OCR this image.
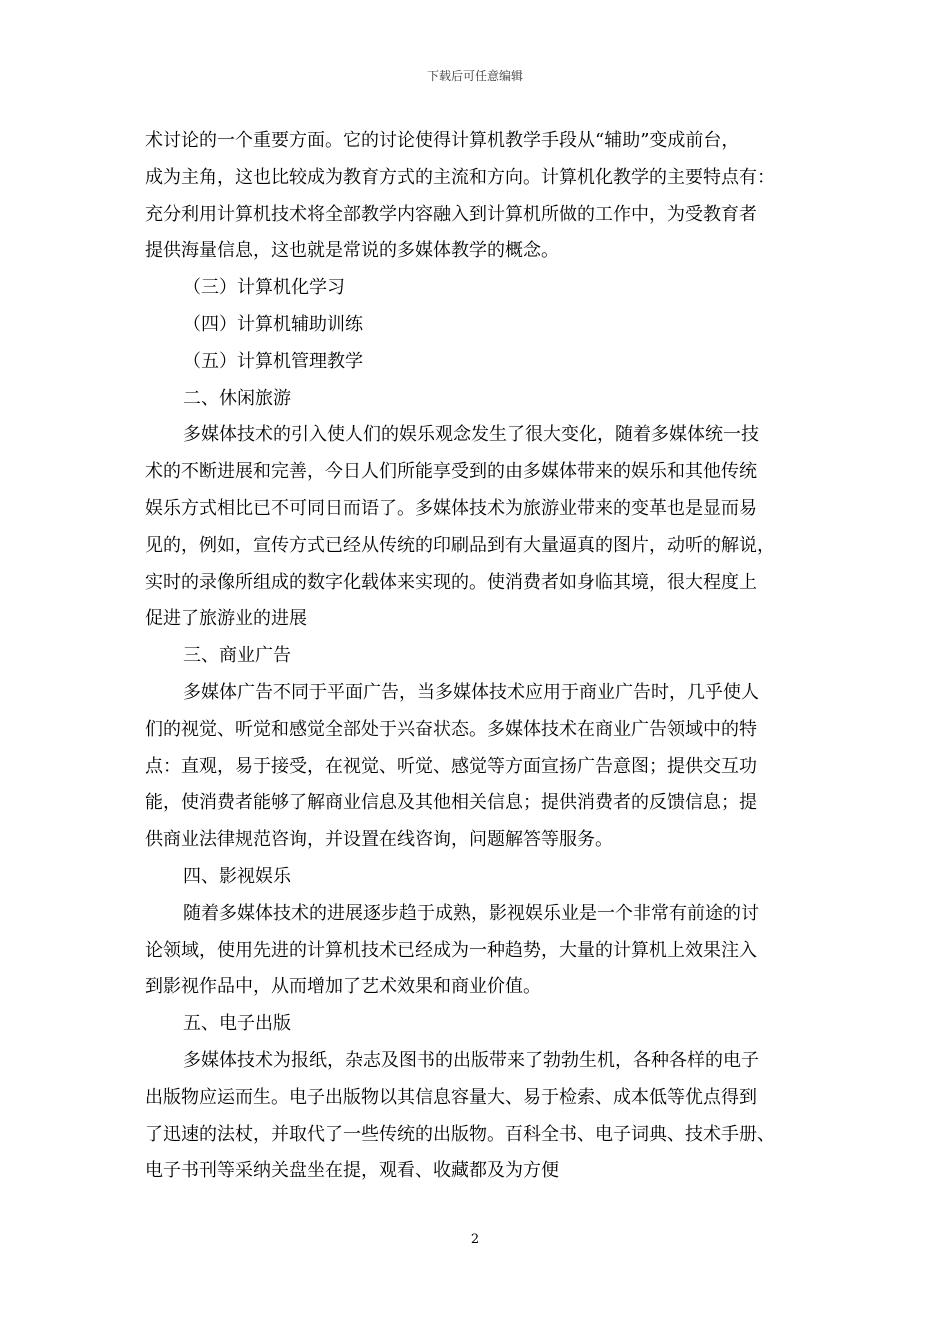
下载后可任意编辑
术讨论的一个重要方面。它的讨论使得计算机教学手段从“辅助”变成前台，
成为主角，这也比较成为教育方式的主流和方向。计算机化教学的主要特点有：
充分利用计算机技术将全部教学内容融入到计算机所做的工作中，为受教育者
提供海量信息，这也就是常说的多媒体教学的概念。
（三）计算机化学习
（四）计算机辅助训练
（五）计算机管理教学
二、休闲旅游
多媒体技术的引入使人们的娱乐观念发生了很大变化，随着多媒体统一技
术的不断进展和完善，今日人们所能享受到的由多媒体带来的娱乐和其他传统
娱乐方式相比已不可同日而语了。多媒体技术为旅游业带来的变革也是显而易
见的，例如，宣传方式已经从传统的印刷品到有大量逼真的图片，动听的解说，
实时的录像所组成的数字化载体来实现的。使消费者如身临其境，很大程度上
促进了旅游业的进展
三、商业广告
多媒体广告不同于平面广告，当多媒体技术应用于商业广告时，几乎使人
们的视觉、听觉和感觉全部处于兴奋状态。多媒体技术在商业广告领域中的特
点：直观，易于接受，在视觉、听觉、感觉等方面宣扬广告意图；提供交互功
能，使消费者能够了解商业信息及其他相关信息；提供消费者的反馈信息；提
供商业法律规范咨询，并设置在线咨询，问题解答等服务。
四、影视娱乐
随着多媒体技术的进展逐步趋于成熟，影视娱乐业是一个非常有前途的讨
论领域，使用先进的计算机技术已经成为一种趋势，大量的计算机上效果注入
到影视作品中，从而增加了艺术效果和商业价值。
五、电子出版
多媒体技术为报纸，杂志及图书的出版带来了勃勃生机，各种各样的电子
出版物应运而生。电子出版物以其信息容量大、易于检索、成本低等优点得到
了迅速的法杖，并取代了一些传统的出版物。百科全书、电子词典、技术手册、
电子书刊等采纳关盘坐在提，观看、收藏都及为方便
2
